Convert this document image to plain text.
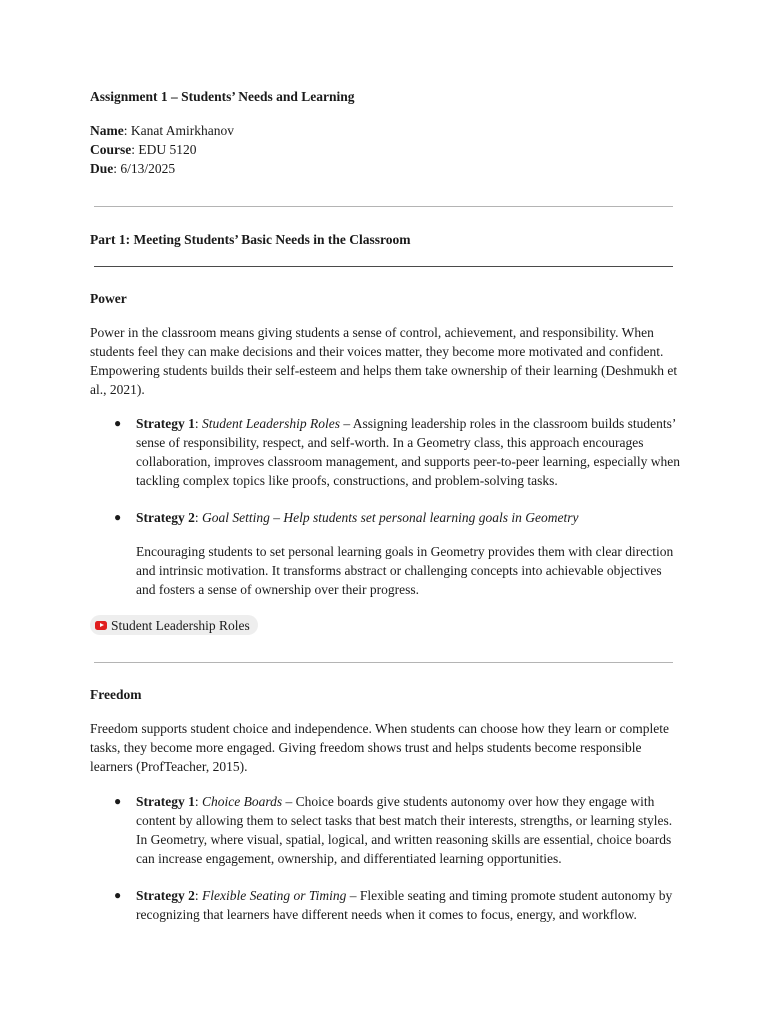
Assignment 1 – Students’ Needs and Learning

Name: Kanat Amirkhanov
Course: EDU 5120
Due: 6/13/2025

Part 1: Meeting Students’ Basic Needs in the Classroom

Power

Power in the classroom means giving students a sense of control, achievement, and responsibility. When students feel they can make decisions and their voices matter, they become more motivated and confident. Empowering students builds their self-esteem and helps them take ownership of their learning (Deshmukh et al., 2021).

● Strategy 1: Student Leadership Roles – Assigning leadership roles in the classroom builds students’ sense of responsibility, respect, and self-worth. In a Geometry class, this approach encourages collaboration, improves classroom management, and supports peer-to-peer learning, especially when tackling complex topics like proofs, constructions, and problem-solving tasks.

● Strategy 2: Goal Setting – Help students set personal learning goals in Geometry

Encouraging students to set personal learning goals in Geometry provides them with clear direction and intrinsic motivation. It transforms abstract or challenging concepts into achievable objectives and fosters a sense of ownership over their progress.

Student Leadership Roles

Freedom

Freedom supports student choice and independence. When students can choose how they learn or complete tasks, they become more engaged. Giving freedom shows trust and helps students become responsible learners (ProfTeacher, 2015).

● Strategy 1: Choice Boards – Choice boards give students autonomy over how they engage with content by allowing them to select tasks that best match their interests, strengths, or learning styles. In Geometry, where visual, spatial, logical, and written reasoning skills are essential, choice boards can increase engagement, ownership, and differentiated learning opportunities.

● Strategy 2: Flexible Seating or Timing – Flexible seating and timing promote student autonomy by recognizing that learners have different needs when it comes to focus, energy, and workflow.
